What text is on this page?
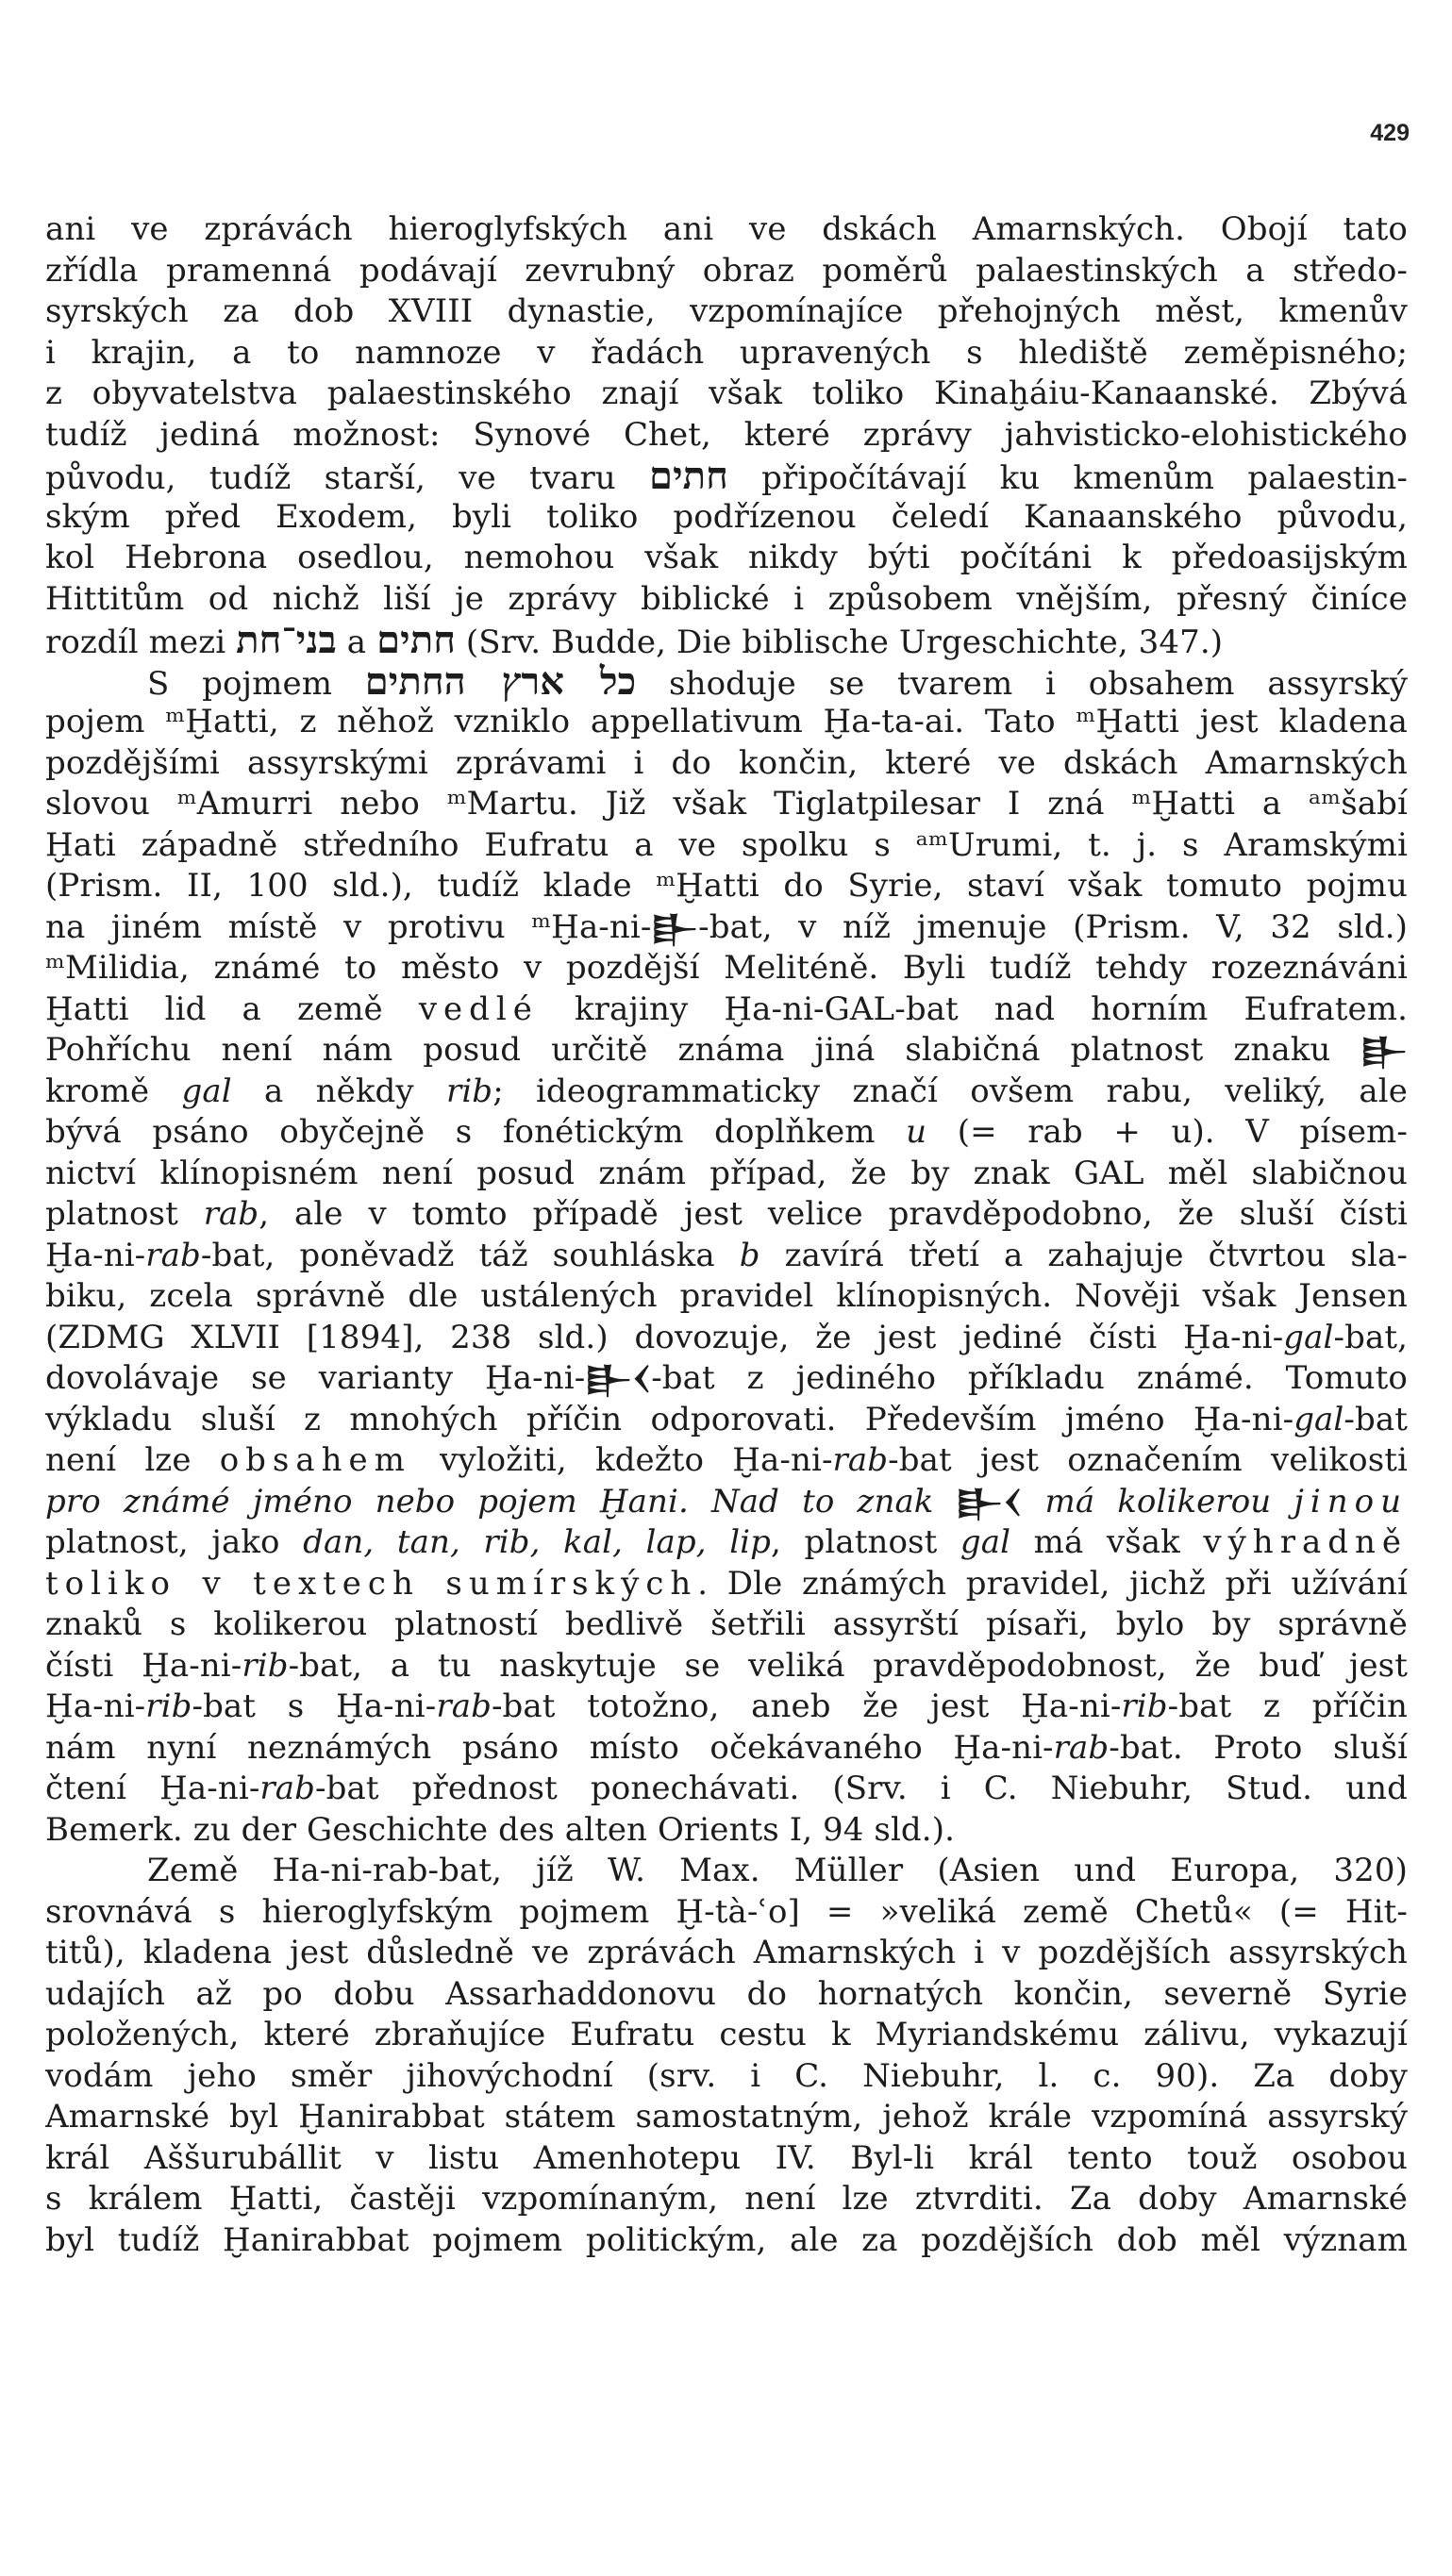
429
ani ve zprávách hieroglyfských ani ve dskách Amarnských. Obojí tato
zřídla pramenná podávají zevrubný obraz poměrů palaestinských a středo-
syrských za dob XVIII dynastie, vzpomínajíce přehojných měst, kmenův
i krajin, a to namnoze v řadách upravených s hlediště zeměpisného;
z obyvatelstva palaestinského znají však toliko Kinaḫáiu-Kanaanské. Zbývá
tudíž jediná možnost: Synové Chet, které zprávy jahvisticko-elohistického
původu, tudíž starší, ve tvaru חתים připočítávají ku kmenům palaestin-
ským před Exodem, byli toliko podřízenou čeledí Kanaanského původu,
kol Hebrona osedlou, nemohou však nikdy býti počítáni k předoasijským
Hittitům od nichž liší je zprávy biblické i způsobem vnějším, přesný činíce
rozdíl mezi בני־חת a חתים (Srv. Budde, Die biblische Urgeschichte, 347.)
S pojmem כל ארץ החתים shoduje se tvarem i obsahem assyrský
pojem ᵐḪatti, z něhož vzniklo appellativum Ḫa-ta-ai. Tato ᵐḪatti jest kladena
pozdějšími assyrskými zprávami i do končin, které ve dskách Amarnských
slovou ᵐAmurri nebo ᵐMartu. Již však Tiglatpilesar I zná ᵐḪatti a ᵃᵐšabí
Ḫati západně středního Eufratu a ve spolku s ᵃᵐUrumi, t. j. s Aramskými
(Prism. II, 100 sld.), tudíž klade ᵐḪatti do Syrie, staví však tomuto pojmu
na jiném místě v protivu ᵐḪa-ni-𒃲-bat, v níž jmenuje (Prism. V, 32 sld.)
ᵐMilidia, známé to město v pozdější Meliténě. Byli tudíž tehdy rozeznáváni
Ḫatti lid a země vedlé krajiny Ḫa-ni-GAL-bat nad horním Eufratem.
Pohříchu není nám posud určitě známa jiná slabičná platnost znaku 𒃲
kromě gal a někdy rib; ideogrammaticky značí ovšem rabu, veliký, ale
bývá psáno obyčejně s fonétickým doplňkem u (= rab + u). V písem-
nictví klínopisném není posud znám případ, že by znak GAL měl slabičnou
platnost rab, ale v tomto případě jest velice pravděpodobno, že sluší čísti
Ḫa-ni-rab-bat, poněvadž táž souhláska b zavírá třetí a zahajuje čtvrtou sla-
biku, zcela správně dle ustálených pravidel klínopisných. Nověji však Jensen
(ZDMG XLVII [1894], 238 sld.) dovozuje, že jest jediné čísti Ḫa-ni-gal-bat,
dovolávaje se varianty Ḫa-ni-𒃲𒌋-bat z jediného příkladu známé. Tomuto
výkladu sluší z mnohých příčin odporovati. Především jméno Ḫa-ni-gal-bat
není lze obsahem vyložiti, kdežto Ḫa-ni-rab-bat jest označením velikosti
pro známé jméno nebo pojem Ḫani. Nad to znak 𒃲𒌋 má kolikerou jinou
platnost, jako dan, tan, rib, kal, lap, lip, platnost gal má však výhradně
toliko v textech sumírských. Dle známých pravidel, jichž při užívání
znaků s kolikerou platností bedlivě šetřili assyrští písaři, bylo by správně
čísti Ḫa-ni-rib-bat, a tu naskytuje se veliká pravděpodobnost, že buď jest
Ḫa-ni-rib-bat s Ḫa-ni-rab-bat totožno, aneb že jest Ḫa-ni-rib-bat z příčin
nám nyní neznámých psáno místo očekávaného Ḫa-ni-rab-bat. Proto sluší
čtení Ḫa-ni-rab-bat přednost ponechávati. (Srv. i C. Niebuhr, Stud. und
Bemerk. zu der Geschichte des alten Orients I, 94 sld.).
Země Ha-ni-rab-bat, jíž W. Max. Müller (Asien und Europa, 320)
srovnává s hieroglyfským pojmem Ḫ-tà-ʿo] = »veliká země Chetů« (= Hit-
titů), kladena jest důsledně ve zprávách Amarnských i v pozdějších assyrských
udajích až po dobu Assarhaddonovu do hornatých končin, severně Syrie
položených, které zbraňujíce Eufratu cestu k Myriandskému zálivu, vykazují
vodám jeho směr jihovýchodní (srv. i C. Niebuhr, l. c. 90). Za doby
Amarnské byl Ḫanirabbat státem samostatným, jehož krále vzpomíná assyrský
král Aššurubállit v listu Amenhotepu IV. Byl-li král tento touž osobou
s králem Ḫatti, častěji vzpomínaným, není lze ztvrditi. Za doby Amarnské
byl tudíž Ḫanirabbat pojmem politickým, ale za pozdějších dob měl význam
